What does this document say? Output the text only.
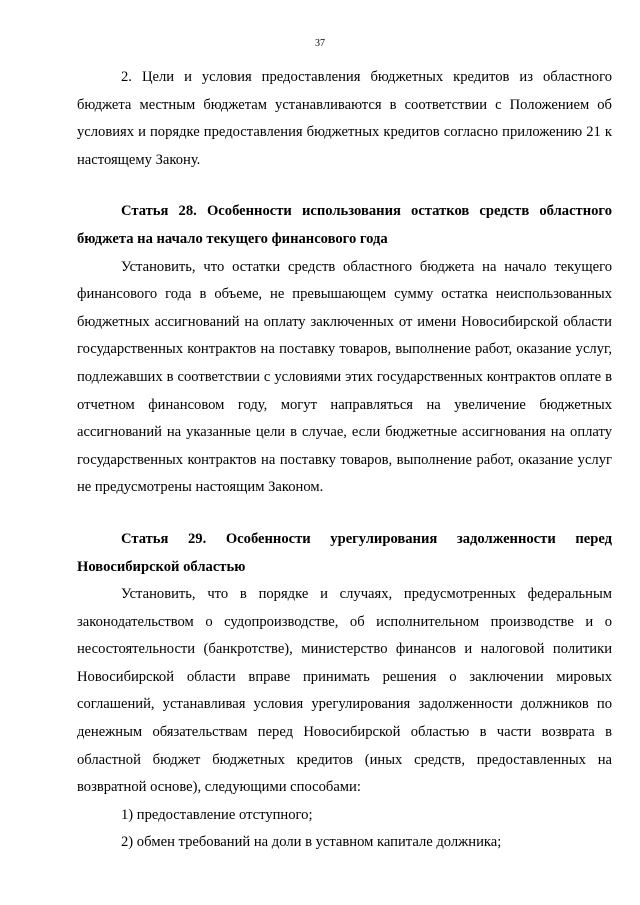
37

2. Цели и условия предоставления бюджетных кредитов из областного бюджета местным бюджетам устанавливаются в соответствии с Положением об условиях и порядке предоставления бюджетных кредитов согласно приложению 21 к настоящему Закону.

Статья 28. Особенности использования остатков средств областного бюджета на начало текущего финансового года

Установить, что остатки средств областного бюджета на начало текущего финансового года в объеме, не превышающем сумму остатка неиспользованных бюджетных ассигнований на оплату заключенных от имени Новосибирской области государственных контрактов на поставку товаров, выполнение работ, оказание услуг, подлежавших в соответствии с условиями этих государственных контрактов оплате в отчетном финансовом году, могут направляться на увеличение бюджетных ассигнований на указанные цели в случае, если бюджетные ассигнования на оплату государственных контрактов на поставку товаров, выполнение работ, оказание услуг не предусмотрены настоящим Законом.

Статья 29. Особенности урегулирования задолженности перед Новосибирской областью

Установить, что в порядке и случаях, предусмотренных федеральным законодательством о судопроизводстве, об исполнительном производстве и о несостоятельности (банкротстве), министерство финансов и налоговой политики Новосибирской области вправе принимать решения о заключении мировых соглашений, устанавливая условия урегулирования задолженности должников по денежным обязательствам перед Новосибирской областью в части возврата в областной бюджет бюджетных кредитов (иных средств, предоставленных на возвратной основе), следующими способами:

1) предоставление отступного;

2) обмен требований на доли в уставном капитале должника;
